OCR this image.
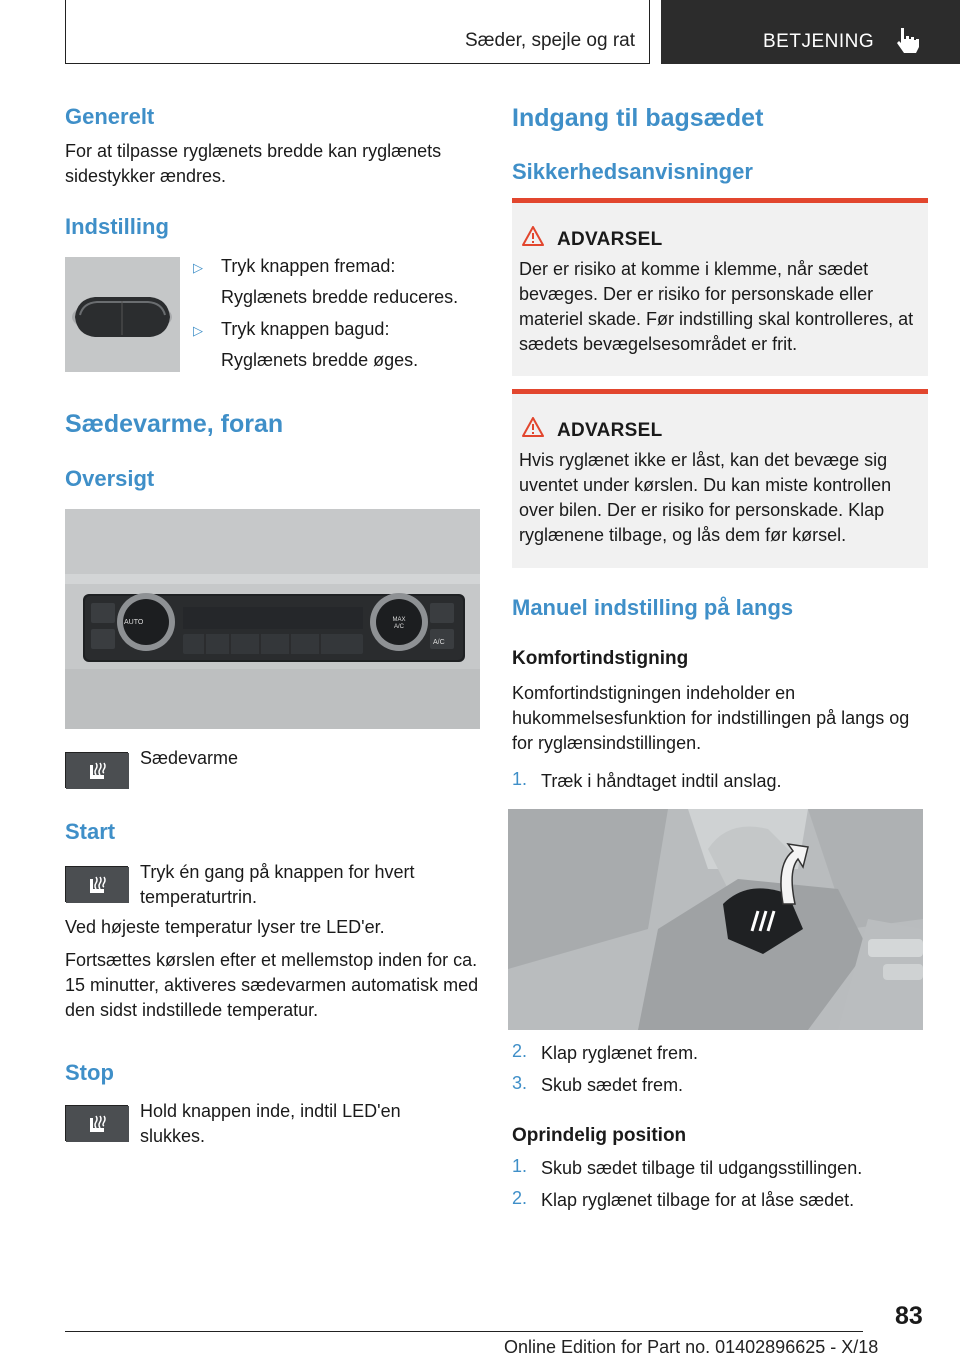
Sæder, spejle og rat	BETJENING
Generelt
For at tilpasse ryglænets bredde kan ryglænets sidestykker ændres.
Indstilling
▷ Tryk knappen fremad:
Ryglænets bredde reduceres.
▷ Tryk knappen bagud:
Ryglænets bredde øges.
Sædevarme, foran
Oversigt
AUTO	MAX A/C
A/C
Sædevarme
Start
Tryk én gang på knappen for hvert temperaturtrin.
Ved højeste temperatur lyser tre LED'er.
Fortsættes kørslen efter et mellemstop inden for ca. 15 minutter, aktiveres sædevarmen automatisk med den sidst indstillede temperatur.
Stop
Hold knappen inde, indtil LED'en slukkes.
Indgang til bagsædet
Sikkerhedsanvisninger
ADVARSEL
Der er risiko at komme i klemme, når sædet bevæges. Der er risiko for personskade eller materiel skade. Før indstilling skal kontrolleres, at sædets bevægelsesområdet er frit.
ADVARSEL
Hvis ryglænet ikke er låst, kan det bevæge sig uventet under kørslen. Du kan miste kontrollen over bilen. Der er risiko for personskade. Klap ryglænene tilbage, og lås dem før kørsel.
Manuel indstilling på langs
Komfortindstigning
Komfortindstigningen indeholder en hukommelsesfunktion for indstillingen på langs og for ryglænsindstillingen.
1. Træk i håndtaget indtil anslag.
2. Klap ryglænet frem.
3. Skub sædet frem.
Oprindelig position
1. Skub sædet tilbage til udgangsstillingen.
2. Klap ryglænet tilbage for at låse sædet.
83
Online Edition for Part no. 01402896625 - X/18
